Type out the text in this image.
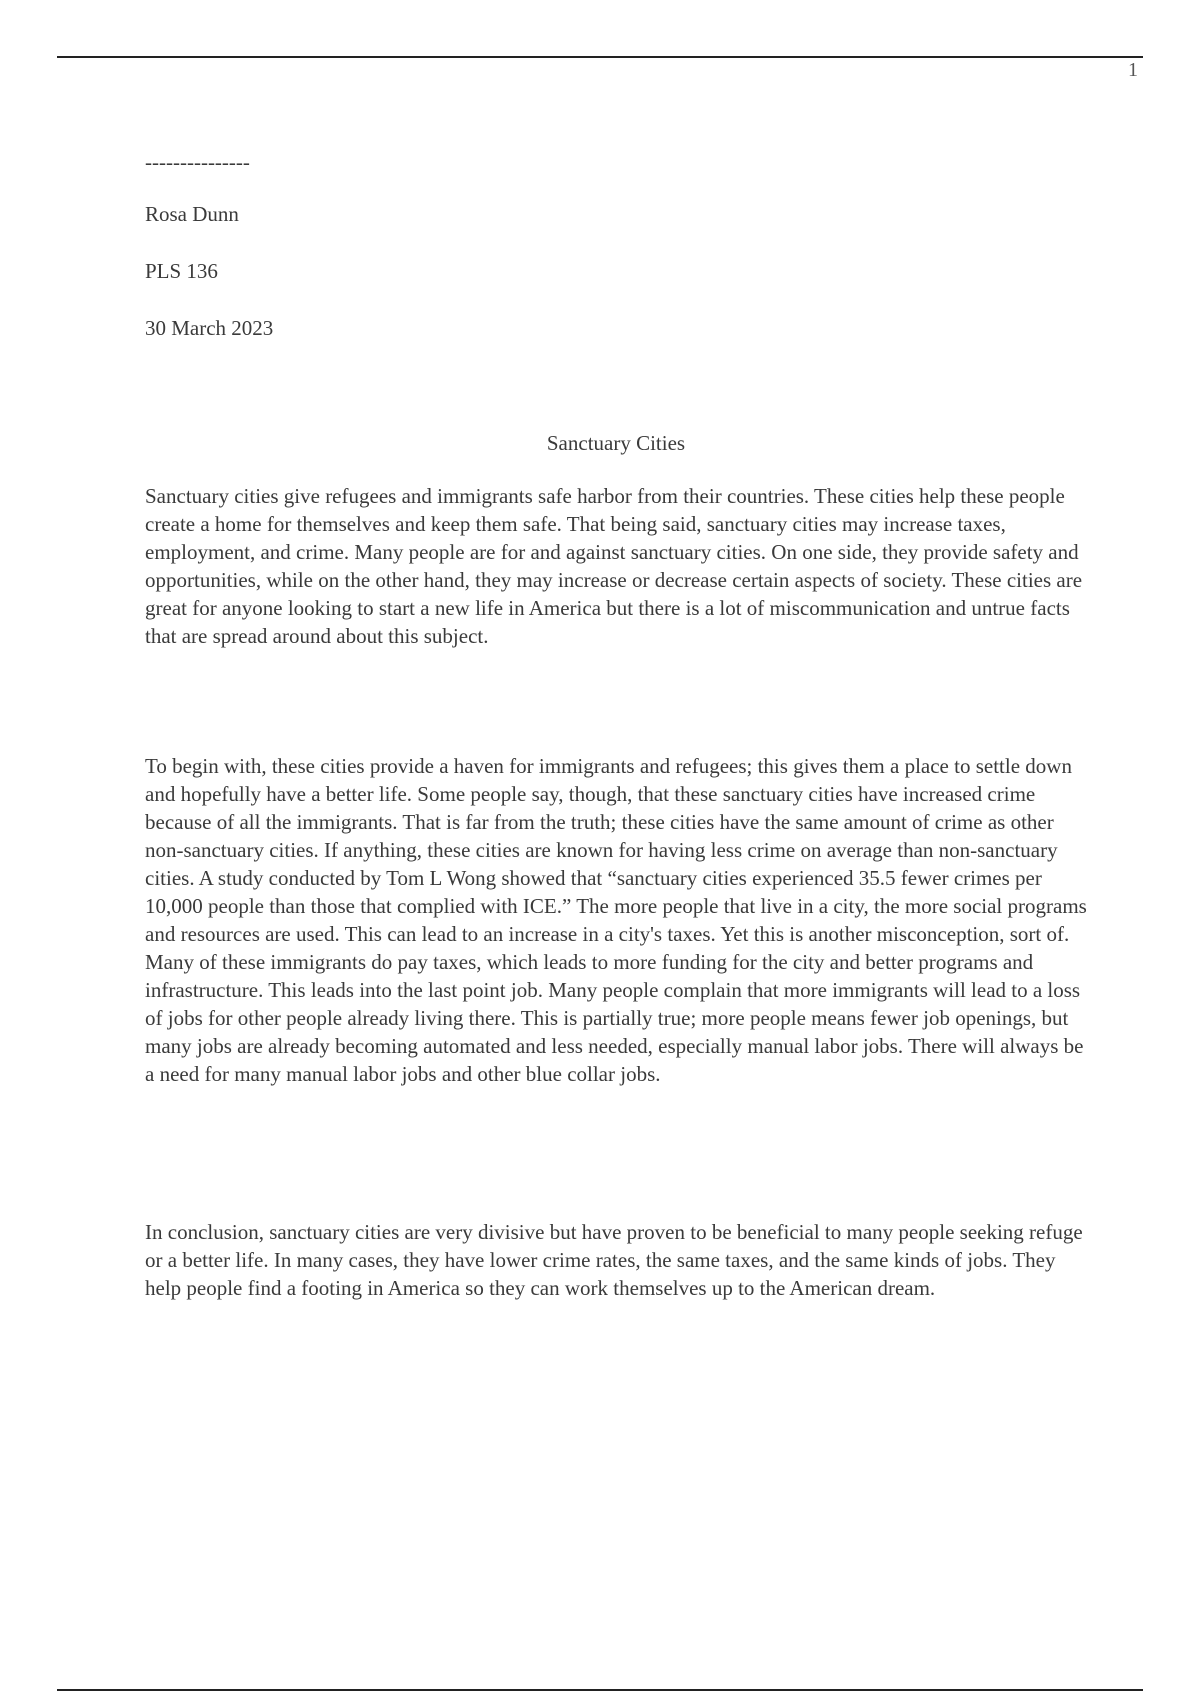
1
---------------
Rosa Dunn
PLS 136
30 March 2023
Sanctuary Cities

Sanctuary cities give refugees and immigrants safe harbor from their countries. These cities help these people create a home for themselves and keep them safe. That being said, sanctuary cities may increase taxes, employment, and crime. Many people are for and against sanctuary cities. On one side, they provide safety and opportunities, while on the other hand, they may increase or decrease certain aspects of society. These cities are great for anyone looking to start a new life in America but there is a lot of miscommunication and untrue facts that are spread around about this subject.

To begin with, these cities provide a haven for immigrants and refugees; this gives them a place to settle down and hopefully have a better life. Some people say, though, that these sanctuary cities have increased crime because of all the immigrants. That is far from the truth; these cities have the same amount of crime as other non-sanctuary cities. If anything, these cities are known for having less crime on average than non-sanctuary cities. A study conducted by Tom L Wong showed that “sanctuary cities experienced 35.5 fewer crimes per 10,000 people than those that complied with ICE.” The more people that live in a city, the more social programs and resources are used. This can lead to an increase in a city's taxes. Yet this is another misconception, sort of. Many of these immigrants do pay taxes, which leads to more funding for the city and better programs and infrastructure. This leads into the last point job. Many people complain that more immigrants will lead to a loss of jobs for other people already living there. This is partially true; more people means fewer job openings, but many jobs are already becoming automated and less needed, especially manual labor jobs. There will always be a need for many manual labor jobs and other blue collar jobs.

In conclusion, sanctuary cities are very divisive but have proven to be beneficial to many people seeking refuge or a better life. In many cases, they have lower crime rates, the same taxes, and the same kinds of jobs. They help people find a footing in America so they can work themselves up to the American dream.
